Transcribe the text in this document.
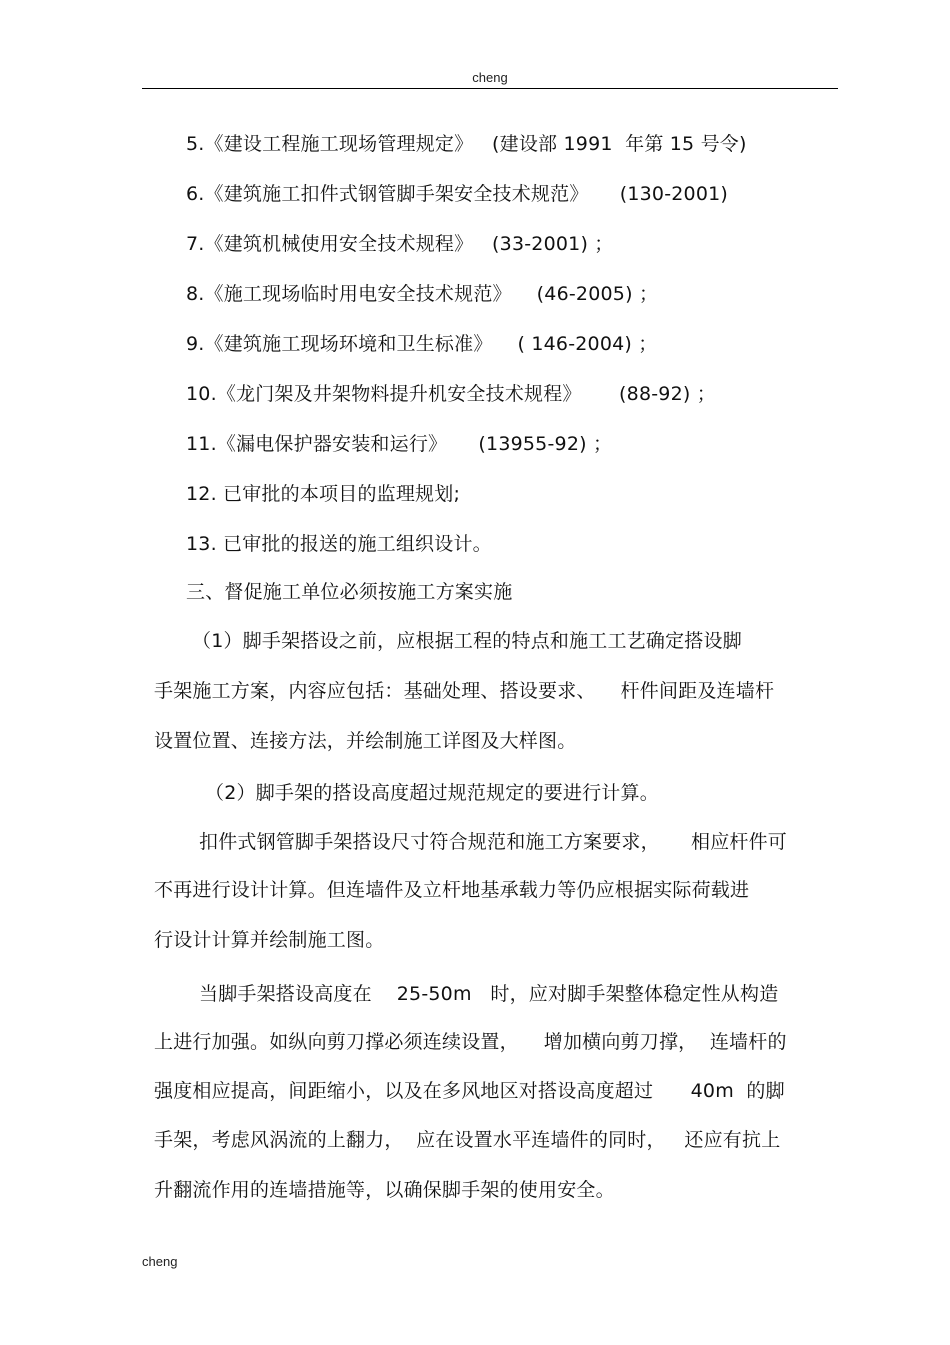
cheng
5.《建设工程施工现场管理规定》   (建设部 1991  年第 15 号令)
6.《建筑施工扣件式钢管脚手架安全技术规范》     (130-2001)
7.《建筑机械使用安全技术规程》   (33-2001) ；
8.《施工现场临时用电安全技术规范》    (46-2005) ；
9.《建筑施工现场环境和卫生标准》    ( 146-2004) ；
10.《龙门架及井架物料提升机安全技术规程》      (88-92) ；
11.《漏电保护器安装和运行》     (13955-92) ；
12. 已审批的本项目的监理规划;
13. 已审批的报送的施工组织设计。
三、督促施工单位必须按施工方案实施
（1）脚手架搭设之前，应根据工程的特点和施工工艺确定搭设脚
手架施工方案，内容应包括：基础处理、搭设要求、    杆件间距及连墙杆
设置位置、连接方法，并绘制施工详图及大样图。
（2）脚手架的搭设高度超过规范规定的要进行计算。
扣件式钢管脚手架搭设尺寸符合规范和施工方案要求，     相应杆件可
不再进行设计计算。但连墙件及立杆地基承载力等仍应根据实际荷载进
行设计计算并绘制施工图。
当脚手架搭设高度在    25-50m   时，应对脚手架整体稳定性从构造
上进行加强。如纵向剪刀撑必须连续设置，    增加横向剪刀撑，  连墙杆的
强度相应提高，间距缩小，以及在多风地区对搭设高度超过      40m  的脚
手架，考虑风涡流的上翻力，  应在设置水平连墙件的同时，   还应有抗上
升翻流作用的连墙措施等，以确保脚手架的使用安全。
cheng
